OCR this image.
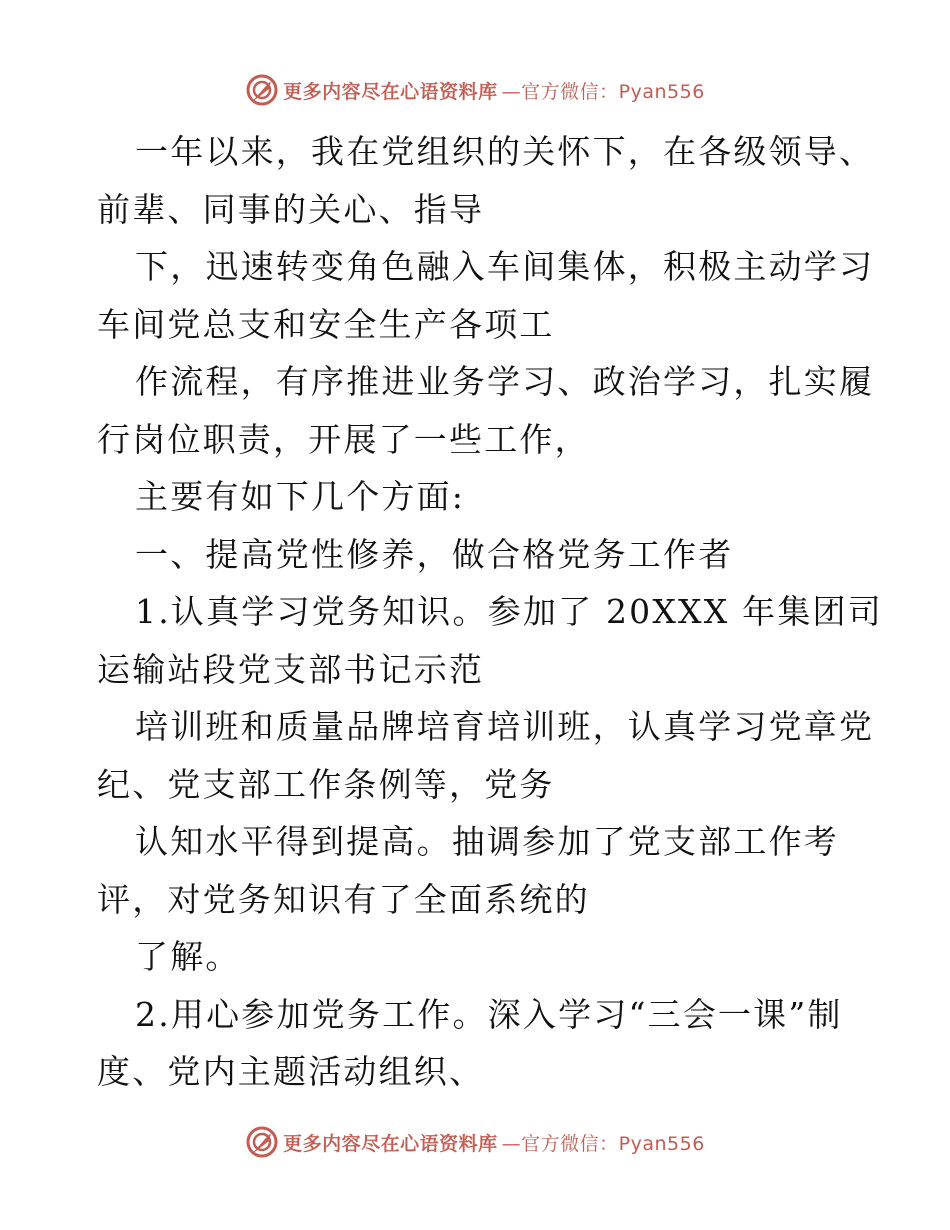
更多内容尽在心语资料库 —官方微信：Pyan556
一年以来，我在党组织的关怀下，在各级领导、
前辈、同事的关心、指导
下，迅速转变角色融入车间集体，积极主动学习
车间党总支和安全生产各项工
作流程，有序推进业务学习、政治学习，扎实履
行岗位职责，开展了一些工作，
主要有如下几个方面:
一、提高党性修养，做合格党务工作者
1.认真学习党务知识。参加了 20XXX 年集团司
运输站段党支部书记示范
培训班和质量品牌培育培训班，认真学习党章党
纪、党支部工作条例等，党务
认知水平得到提高。抽调参加了党支部工作考
评，对党务知识有了全面系统的
了解。
2.用心参加党务工作。深入学习“三会一课”制
度、党内主题活动组织、
更多内容尽在心语资料库 —官方微信：Pyan556
